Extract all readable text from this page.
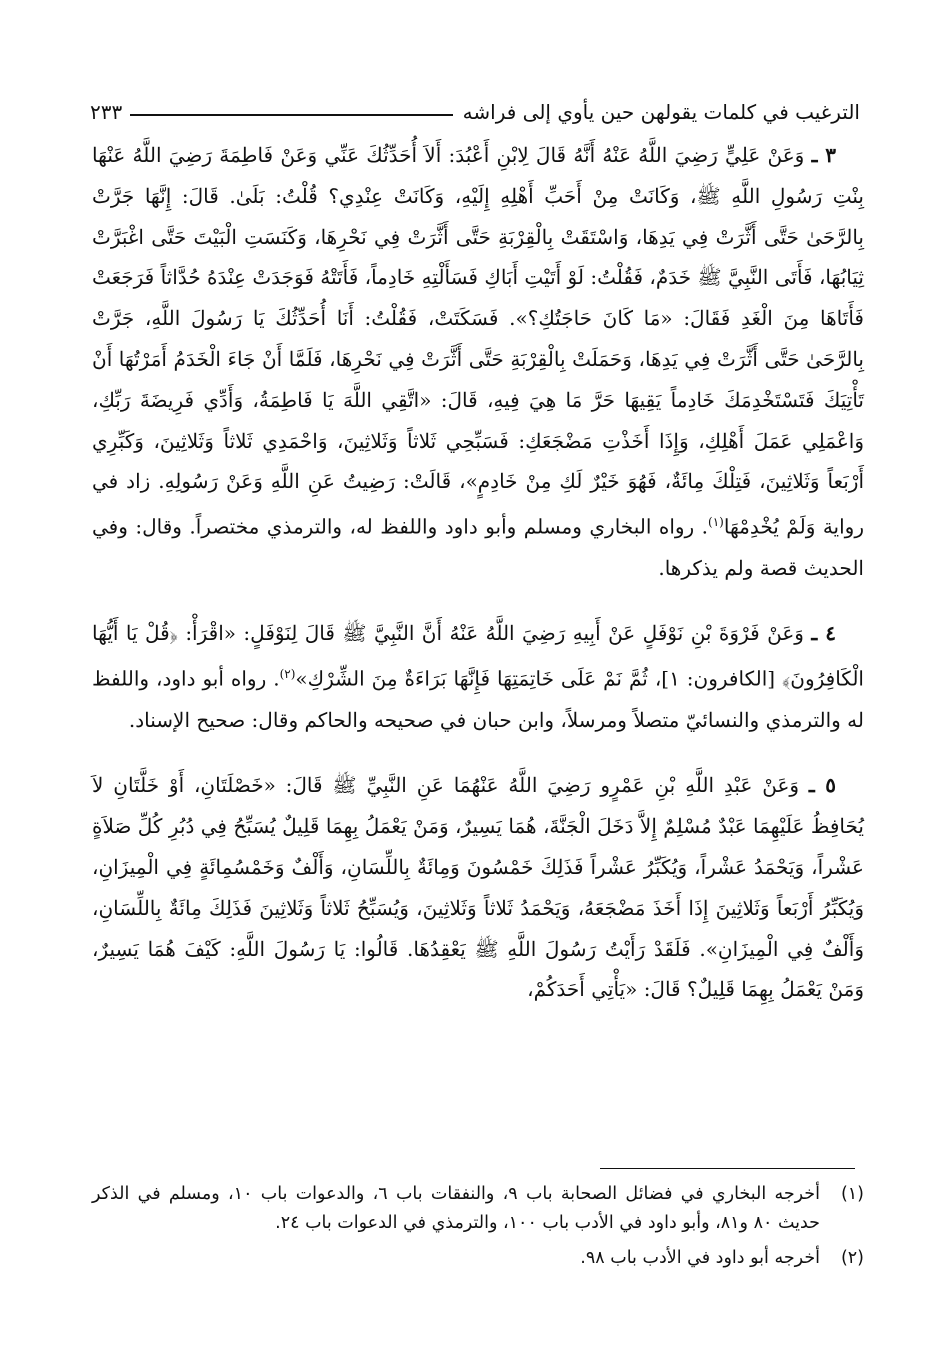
الترغيب في كلمات يقولهن حين يأوي إلى فراشه
٢٣٣

٣ ـ وَعَنْ عَلِيٍّ رَضِيَ اللَّهُ عَنْهُ أَنَّهُ قَالَ لِابْنِ أَعْبُدَ: أَلاَ أُحَدِّثُكَ عَنِّي وَعَنْ فَاطِمَةَ رَضِيَ اللَّهُ عَنْهَا بِنْتِ رَسُولِ اللَّهِ ﷺ، وَكَانَتْ مِنْ أَحَبِّ أَهْلِهِ إِلَيْهِ، وَكَانَتْ عِنْدِي؟ قُلْتُ: بَلَىٰ. قَالَ: إِنَّهَا جَرَّتْ بِالرَّحَىٰ حَتَّى أَثَّرَتْ فِي يَدِهَا، وَاسْتَقَتْ بِالْقِرْبَةِ حَتَّى أَثَّرَتْ فِي نَحْرِهَا، وَكَنَسَتِ الْبَيْتَ حَتَّى اغْبَرَّتْ ثِيَابُهَا، فَأَتَى النَّبِيَّ ﷺ خَدَمٌ، فَقُلْتُ: لَوْ أَتَيْتِ أَبَاكِ فَسَأَلْتِهِ خَادِماً، فَأَتَتْهُ فَوَجَدَتْ عِنْدَهُ حُدَّاثاً فَرَجَعَتْ فَأَتَاهَا مِنَ الْغَدِ فَقَالَ: «مَا كَانَ حَاجَتُكِ؟». فَسَكَتَتْ، فَقُلْتُ: أَنَا أُحَدِّثُكَ يَا رَسُولَ اللَّهِ، جَرَّتْ بِالرَّحَىٰ حَتَّى أَثَّرَتْ فِي يَدِهَا، وَحَمَلَتْ بِالْقِرْبَةِ حَتَّى أَثَّرَتْ فِي نَحْرِهَا، فَلَمَّا أَنْ جَاءَ الْخَدَمُ أَمَرْتُهَا أَنْ تَأْتِيَكَ فَتَسْتَخْدِمَكَ خَادِماً يَقِيهَا حَرَّ مَا هِيَ فِيهِ، قَالَ: «اتَّقِي اللَّهَ يَا فَاطِمَةُ، وَأَدِّي فَرِيضَةَ رَبِّكِ، وَاعْمَلِي عَمَلَ أَهْلِكِ، وَإِذَا أَخَذْتِ مَضْجَعَكِ: فَسَبِّحِي ثَلاثاً وَثَلاثِينَ، وَاحْمَدِي ثَلاثاً وَثَلاثِينَ، وَكَبِّرِي أَرْبَعاً وَثَلاثِينَ، فَتِلْكَ مِائَةٌ، فَهُوَ خَيْرٌ لَكِ مِنْ خَادِمٍ»، قَالَتْ: رَضِيتُ عَنِ اللَّهِ وَعَنْ رَسُولِهِ. زاد في رواية وَلَمْ يُخْدِمْهَا$^{(١)}$. رواه البخاري ومسلم وأبو داود واللفظ له، والترمذي مختصراً. وقال: وفي الحديث قصة ولم يذكرها.

٤ ـ وَعَنْ فَرْوَةَ بْنِ نَوْفَلٍ عَنْ أَبِيهِ رَضِيَ اللَّهُ عَنْهُ أَنَّ النَّبِيَّ ﷺ قَالَ لِنَوْفَلٍ: «اقْرَأْ: ﴿قُلْ يَا أَيُّهَا الْكَافِرُونَ﴾ [الكافرون: ١]، ثُمَّ نَمْ عَلَى خَاتِمَتِهَا فَإِنَّهَا بَرَاءَةٌ مِنَ الشِّرْكِ»$^{(٢)}$. رواه أبو داود، واللفظ له والترمذي والنسائيّ متصلاً ومرسلاً، وابن حبان في صحيحه والحاكم وقال: صحيح الإسناد.

٥ ـ وَعَنْ عَبْدِ اللَّهِ بْنِ عَمْرٍو رَضِيَ اللَّهُ عَنْهُمَا عَنِ النَّبِيِّ ﷺ قَالَ: «خَصْلَتَانِ، أَوْ خَلَّتَانِ لاَ يُحَافِظُ عَلَيْهِمَا عَبْدٌ مُسْلِمٌ إِلاَّ دَخَلَ الْجَنَّةَ، هُمَا يَسِيرٌ، وَمَنْ يَعْمَلُ بِهِمَا قَلِيلٌ يُسَبِّحُ فِي دُبُرِ كُلِّ صَلاَةٍ عَشْراً، وَيَحْمَدُ عَشْراً، وَيُكَبِّرُ عَشْراً فَذَلِكَ خَمْسُونَ وَمِائَةٌ بِاللِّسَانِ، وَأَلْفٌ وَخَمْسُمِائَةٍ فِي الْمِيزَانِ، وَيُكَبِّرُ أَرْبَعاً وَثَلاثِينَ إِذَا أَخَذَ مَضْجَعَهُ، وَيَحْمَدُ ثَلاثاً وَثَلاثِينَ، وَيُسَبِّحُ ثَلاثاً وَثَلاثِينَ فَذَلِكَ مِائَةٌ بِاللِّسَانِ، وَأَلْفٌ فِي الْمِيزَانِ». فَلَقَدْ رَأَيْتُ رَسُولَ اللَّهِ ﷺ يَعْقِدُهَا. قَالُوا: يَا رَسُولَ اللَّهِ: كَيْفَ هُمَا يَسِيرٌ، وَمَنْ يَعْمَلُ بِهِمَا قَلِيلٌ؟ قَالَ: «يَأْتِي أَحَدَكُمْ،

(١)
أخرجه البخاري في فضائل الصحابة باب ٩، والنفقات باب ٦، والدعوات باب ١٠، ومسلم في الذكر حديث ٨٠ و٨١، وأبو داود في الأدب باب ١٠٠، والترمذي في الدعوات باب ٢٤.
(٢)
أخرجه أبو داود في الأدب باب ٩٨.
